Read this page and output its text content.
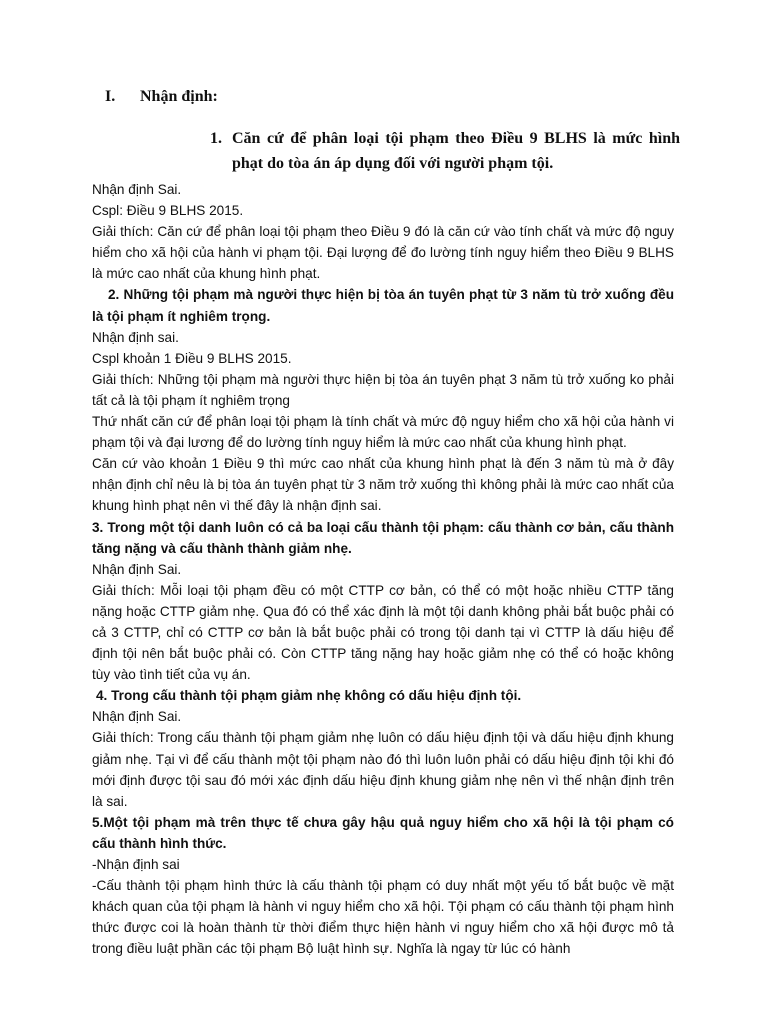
I. Nhận định:
1. Căn cứ để phân loại tội phạm theo Điều 9 BLHS là mức hình phạt do tòa án áp dụng đối với người phạm tội.

Nhận định Sai.

Cspl: Điều 9 BLHS 2015.

Giải thích: Căn cứ để phân loại tội phạm theo Điều 9 đó là căn cứ vào tính chất và mức độ nguy hiểm cho xã hội của hành vi phạm tội. Đại lượng để đo lường tính nguy hiểm theo Điều 9 BLHS là mức cao nhất của khung hình phạt.

2. Những tội phạm mà người thực hiện bị tòa án tuyên phạt từ 3 năm tù trở xuống đều là tội phạm ít nghiêm trọng.

Nhận định sai.

Cspl khoản 1 Điều 9 BLHS 2015.

Giải thích: Những tội phạm mà người thực hiện bị tòa án tuyên phạt 3 năm tù trở xuống ko phải tất cả là tội phạm ít nghiêm trọng

Thứ nhất căn cứ để phân loại tội phạm là tính chất và mức độ nguy hiểm cho xã hội của hành vi phạm tội và đại lương để do lường tính nguy hiểm là mức cao nhất của khung hình phạt.

Căn cứ vào khoản 1 Điều 9 thì mức cao nhất của khung hình phạt là đến 3 năm tù mà ở đây nhận định chỉ nêu là bị tòa án tuyên phạt từ 3 năm trở xuống thì không phải là mức cao nhất của khung hình phạt nên vì thế đây là nhận định sai.

3. Trong một tội danh luôn có cả ba loại cấu thành tội phạm: cấu thành cơ bản, cấu thành tăng nặng và cấu thành thành giảm nhẹ.

Nhận định Sai.

Giải thích: Mỗi loại tội phạm đều có một CTTP cơ bản, có thể có một hoặc nhiều CTTP tăng nặng hoặc CTTP giảm nhẹ. Qua đó có thể xác định là một tội danh không phải bắt buộc phải có cả 3 CTTP, chỉ có CTTP cơ bản là bắt buộc phải có trong tội danh tại vì CTTP là dấu hiệu để định tội nên bắt buộc phải có. Còn CTTP tăng nặng hay hoặc giảm nhẹ có thể có hoặc không tùy vào tình tiết của vụ án.

4. Trong cấu thành tội phạm giảm nhẹ không có dấu hiệu định tội.

Nhận định Sai.

Giải thích: Trong cấu thành tội phạm giảm nhẹ luôn có dấu hiệu định tội và dấu hiệu định khung giảm nhẹ. Tại vì để cấu thành một tội phạm nào đó thì luôn luôn phải có dấu hiệu định tội khi đó mới định được tội sau đó mới xác định dấu hiệu định khung giảm nhẹ nên vì thế nhận định trên là sai.

5.Một tội phạm mà trên thực tế chưa gây hậu quả nguy hiểm cho xã hội là tội phạm có cấu thành hình thức.

-Nhận định sai

-Cấu thành tội phạm hình thức là cấu thành tội phạm có duy nhất một yếu tố bắt buộc về mặt khách quan của tội phạm là hành vi nguy hiểm cho xã hội. Tội phạm có cấu thành tội phạm hình thức được coi là hoàn thành từ thời điểm thực hiện hành vi nguy hiểm cho xã hội được mô tả trong điều luật phần các tội phạm Bộ luật hình sự. Nghĩa là ngay từ lúc có hành
